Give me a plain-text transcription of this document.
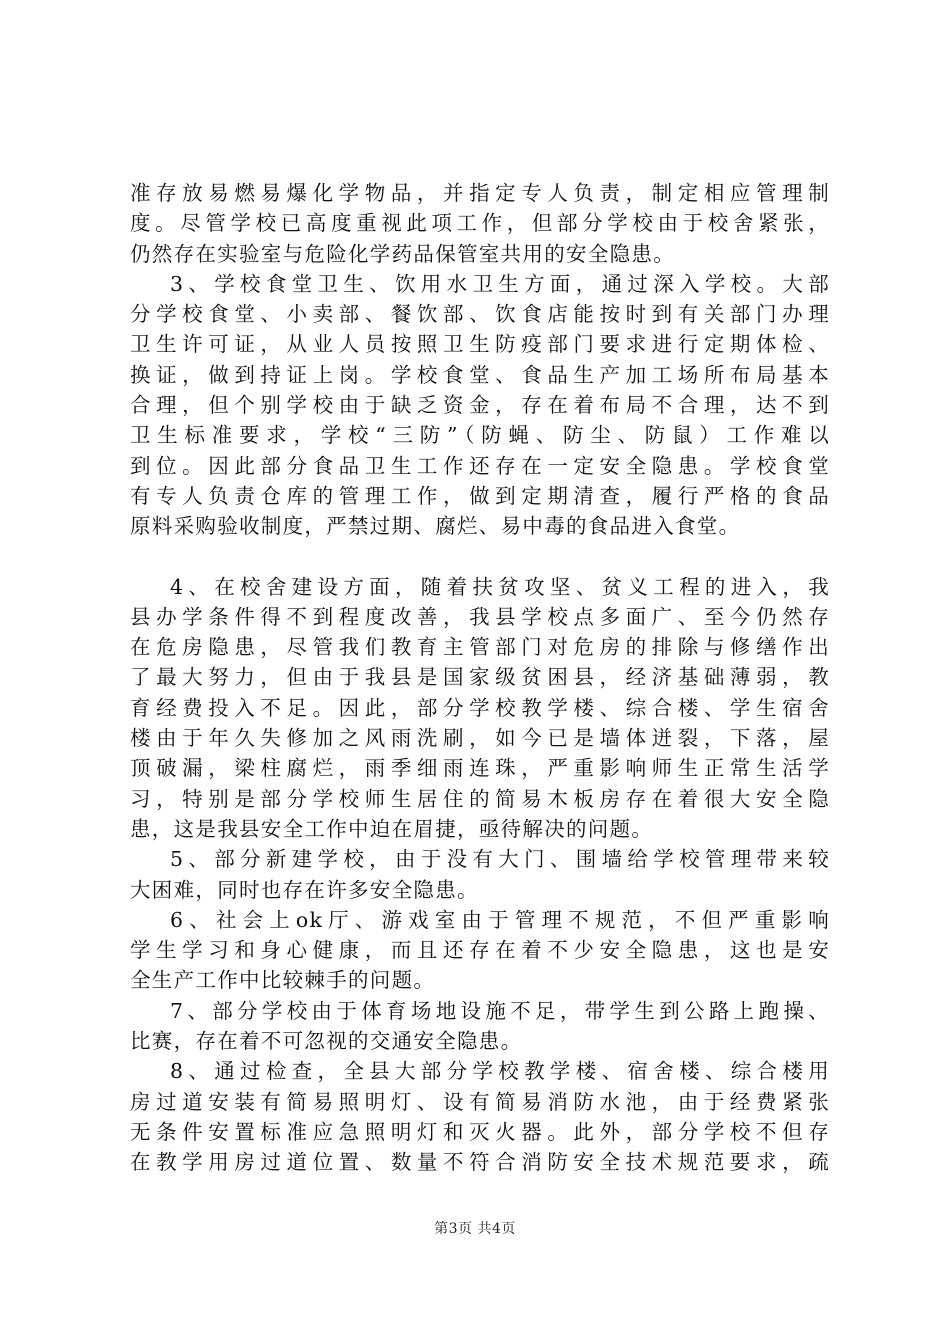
准存放易燃易爆化学物品，并指定专人负责，制定相应管理制
度。尽管学校已高度重视此项工作，但部分学校由于校舍紧张，
仍然存在实验室与危险化学药品保管室共用的安全隐患。
3、学校食堂卫生、饮用水卫生方面，通过深入学校。大部
分学校食堂、小卖部、餐饮部、饮食店能按时到有关部门办理
卫生许可证，从业人员按照卫生防疫部门要求进行定期体检、
换证，做到持证上岗。学校食堂、食品生产加工场所布局基本
合理，但个别学校由于缺乏资金，存在着布局不合理，达不到
卫生标准要求，学校“三防”（防蝇、防尘、防鼠）工作难以
到位。因此部分食品卫生工作还存在一定安全隐患。学校食堂
有专人负责仓库的管理工作，做到定期清查，履行严格的食品
原料采购验收制度，严禁过期、腐烂、易中毒的食品进入食堂。
4、在校舍建设方面，随着扶贫攻坚、贫义工程的进入，我
县办学条件得不到程度改善，我县学校点多面广、至今仍然存
在危房隐患，尽管我们教育主管部门对危房的排除与修缮作出
了最大努力，但由于我县是国家级贫困县，经济基础薄弱，教
育经费投入不足。因此，部分学校教学楼、综合楼、学生宿舍
楼由于年久失修加之风雨洗刷，如今已是墙体迸裂，下落，屋
顶破漏，梁柱腐烂，雨季细雨连珠，严重影响师生正常生活学
习，特别是部分学校师生居住的简易木板房存在着很大安全隐
患，这是我县安全工作中迫在眉捷，亟待解决的问题。
5、部分新建学校，由于没有大门、围墙给学校管理带来较
大困难，同时也存在许多安全隐患。
6、社会上ok厅、游戏室由于管理不规范，不但严重影响
学生学习和身心健康，而且还存在着不少安全隐患，这也是安
全生产工作中比较棘手的问题。
7、部分学校由于体育场地设施不足，带学生到公路上跑操、
比赛，存在着不可忽视的交通安全隐患。
8、通过检查，全县大部分学校教学楼、宿舍楼、综合楼用
房过道安装有简易照明灯、设有简易消防水池，由于经费紧张
无条件安置标准应急照明灯和灭火器。此外，部分学校不但存
在教学用房过道位置、数量不符合消防安全技术规范要求，疏
第3页 共4页
